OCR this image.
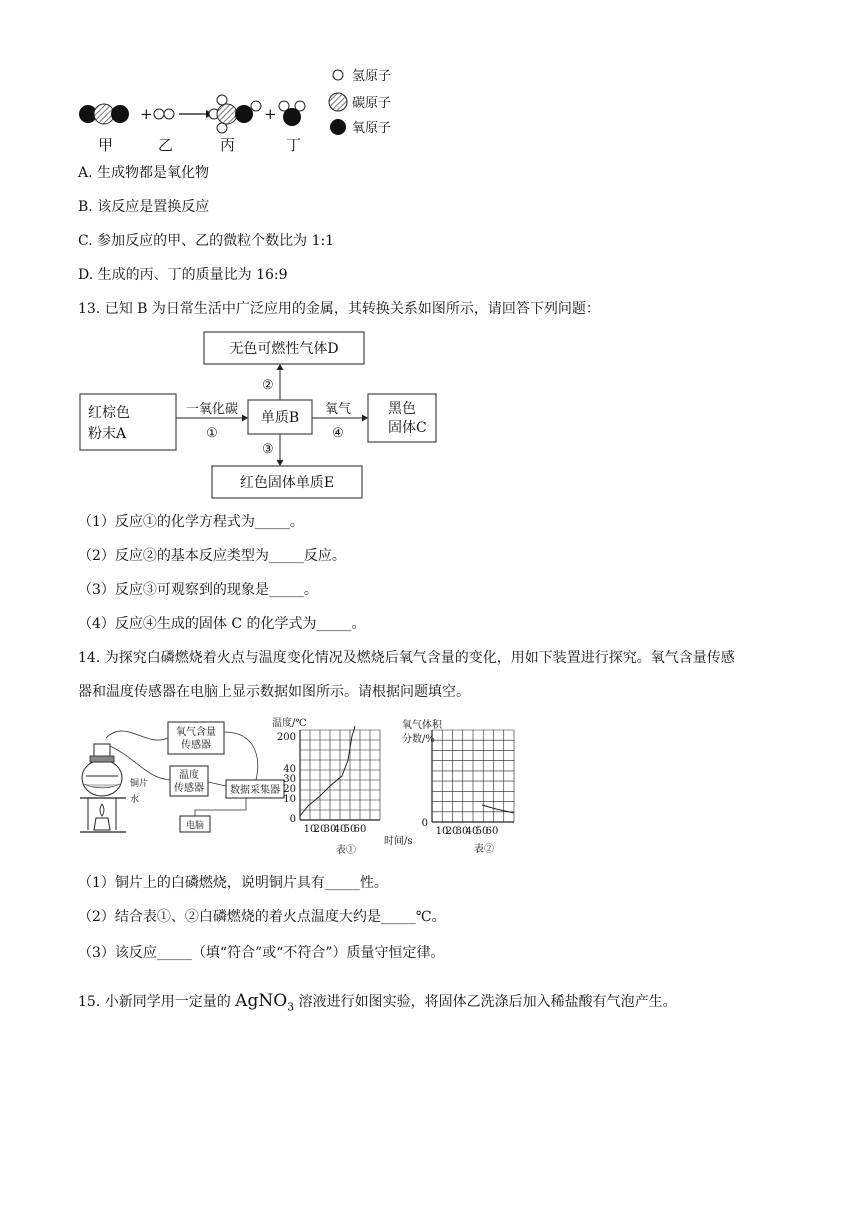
+	+
甲	乙	丙	丁
氢原子
碳原子
氧原子
A. 生成物都是氧化物
B. 该反应是置换反应
C. 参加反应的甲、乙的微粒个数比为 1:1
D. 生成的丙、丁的质量比为 16:9
13. 已知 B 为日常生活中广泛应用的金属，其转换关系如图所示，请回答下列问题：
无色可燃性气体D
红棕色
粉末A
单质B
黑色
固体C
红色固体单质E
一氧化碳
①
②
③
氧气
④
（1）反应①的化学方程式为_____。
（2）反应②的基本反应类型为_____反应。
（3）反应③可观察到的现象是_____。
（4）反应④生成的固体 C 的化学式为_____。
14. 为探究白磷燃烧着火点与温度变化情况及燃烧后氧气含量的变化，用如下装置进行探究。氧气含量传感
器和温度传感器在电脑上显示数据如图所示。请根据问题填空。
氧气含量
传感器
温度
传感器	数据采集器
电脑
铜片
水
温度/℃
200
40
30
20
10
0
10
20
30
40
50
60
时间/s
表①
氧气体积
分数/%
10
20
30
40
50
60
0
表②
（1）铜片上的白磷燃烧，说明铜片具有_____性。
（2）结合表①、②白磷燃烧的着火点温度大约是_____℃。
（3）该反应_____（填“符合”或“不符合”）质量守恒定律。
15. 小新同学用一定量的 AgNO$_3$ 溶液进行如图实验，将固体乙洗涤后加入稀盐酸有气泡产生。
